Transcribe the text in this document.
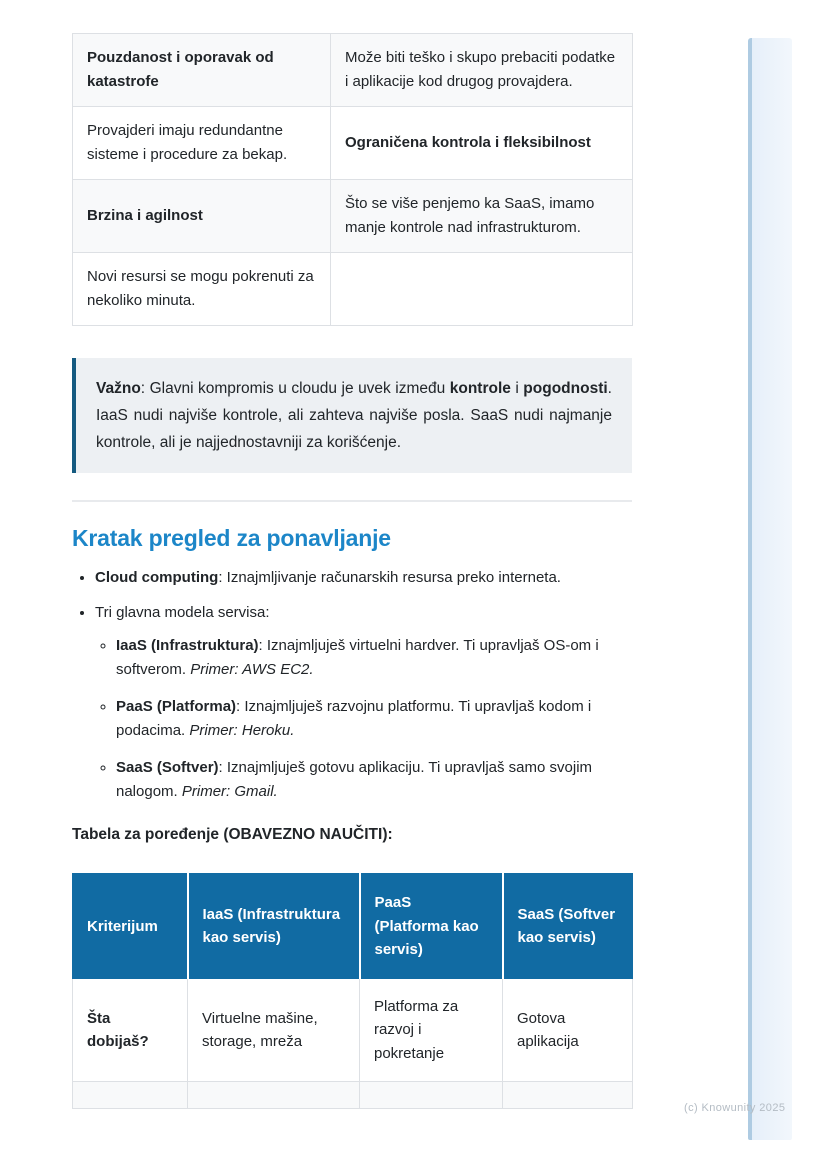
Pouzdanost i oporavak od katastrofe	Može biti teško i skupo prebaciti podatke i aplikacije kod drugog provajdera.
Provajderi imaju redundantne sisteme i procedure za bekap.	Ograničena kontrola i fleksibilnost
Brzina i agilnost	Što se više penjemo ka SaaS, imamo manje kontrole nad infrastrukturom.
Novi resursi se mogu pokrenuti za nekoliko minuta.	
Važno: Glavni kompromis u cloudu je uvek između kontrole i pogodnosti. IaaS nudi najviše kontrole, ali zahteva najviše posla. SaaS nudi najmanje kontrole, ali je najjednostavniji za korišćenje.
Kratak pregled za ponavljanje
• Cloud computing: Iznajmljivanje računarskih resursa preko interneta.
• Tri glavna modela servisa:
◦ IaaS (Infrastruktura): Iznajmljuješ virtuelni hardver. Ti upravljaš OS-om i softverom. Primer: AWS EC2.
◦ PaaS (Platforma): Iznajmljuješ razvojnu platformu. Ti upravljaš kodom i podacima. Primer: Heroku.
◦ SaaS (Softver): Iznajmljuješ gotovu aplikaciju. Ti upravljaš samo svojim nalogom. Primer: Gmail.

Tabela za poređenje (OBAVEZNO NAUČITI):

Kriterijum	IaaS (Infrastruktura kao servis)	PaaS (Platforma kao servis)	SaaS (Softver kao servis)
Šta dobijaš?	Virtuelne mašine, storage, mreža	Platforma za razvoj i pokretanje	Gotova aplikacija

(c) Knowunity 2025
